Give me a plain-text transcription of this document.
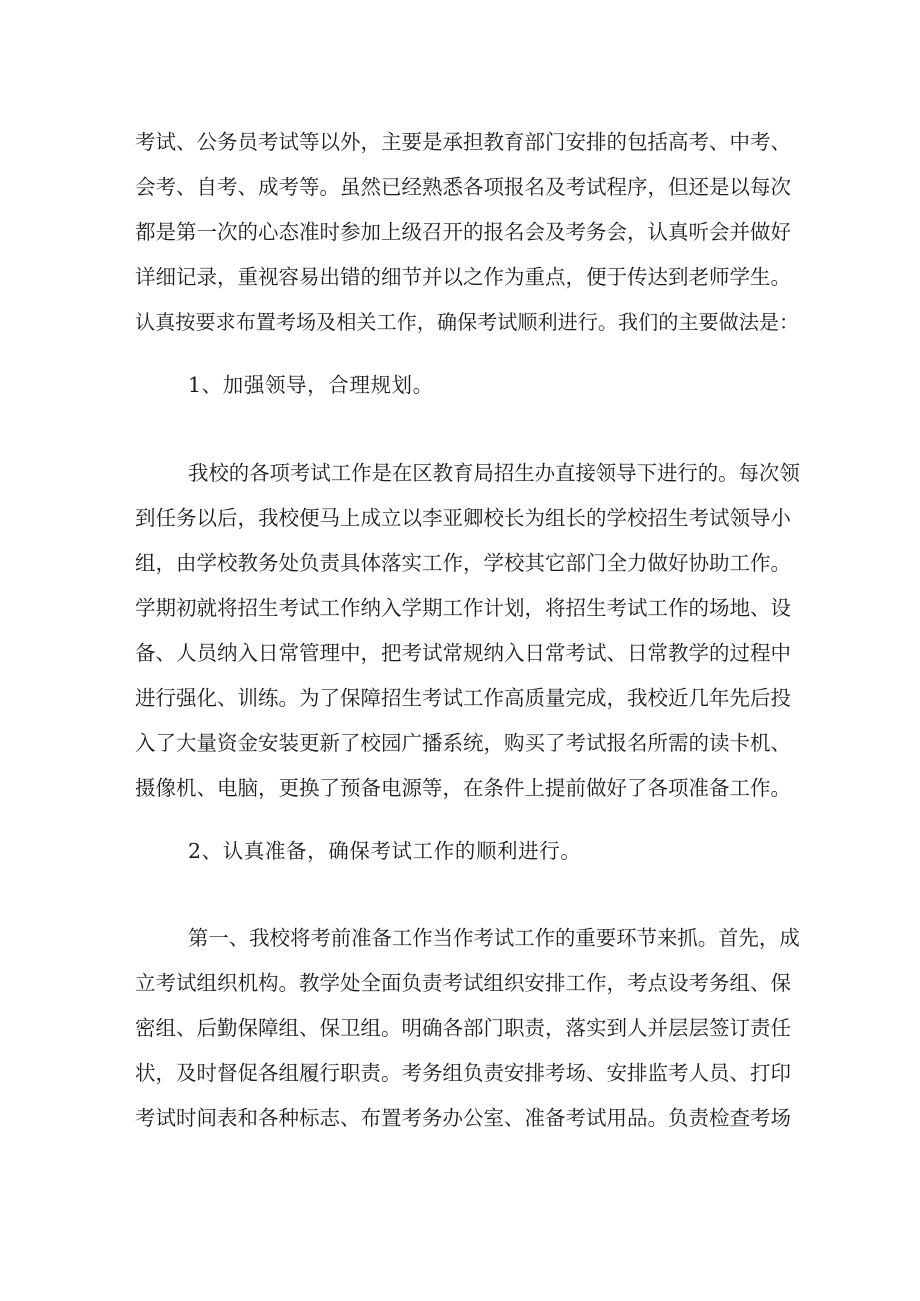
考试、公务员考试等以外，主要是承担教育部门安排的包括高考、中考、

会考、自考、成考等。虽然已经熟悉各项报名及考试程序，但还是以每次

都是第一次的心态准时参加上级召开的报名会及考务会，认真听会并做好

详细记录，重视容易出错的细节并以之作为重点，便于传达到老师学生。

认真按要求布置考场及相关工作，确保考试顺利进行。我们的主要做法是：

1、加强领导，合理规划。

我校的各项考试工作是在区教育局招生办直接领导下进行的。每次领

到任务以后，我校便马上成立以李亚卿校长为组长的学校招生考试领导小

组，由学校教务处负责具体落实工作，学校其它部门全力做好协助工作。

学期初就将招生考试工作纳入学期工作计划，将招生考试工作的场地、设

备、人员纳入日常管理中，把考试常规纳入日常考试、日常教学的过程中

进行强化、训练。为了保障招生考试工作高质量完成，我校近几年先后投

入了大量资金安装更新了校园广播系统，购买了考试报名所需的读卡机、

摄像机、电脑，更换了预备电源等，在条件上提前做好了各项准备工作。

2、认真准备，确保考试工作的顺利进行。

第一、我校将考前准备工作当作考试工作的重要环节来抓。首先，成

立考试组织机构。教学处全面负责考试组织安排工作，考点设考务组、保

密组、后勤保障组、保卫组。明确各部门职责，落实到人并层层签订责任

状，及时督促各组履行职责。考务组负责安排考场、安排监考人员、打印

考试时间表和各种标志、布置考务办公室、准备考试用品。负责检查考场
